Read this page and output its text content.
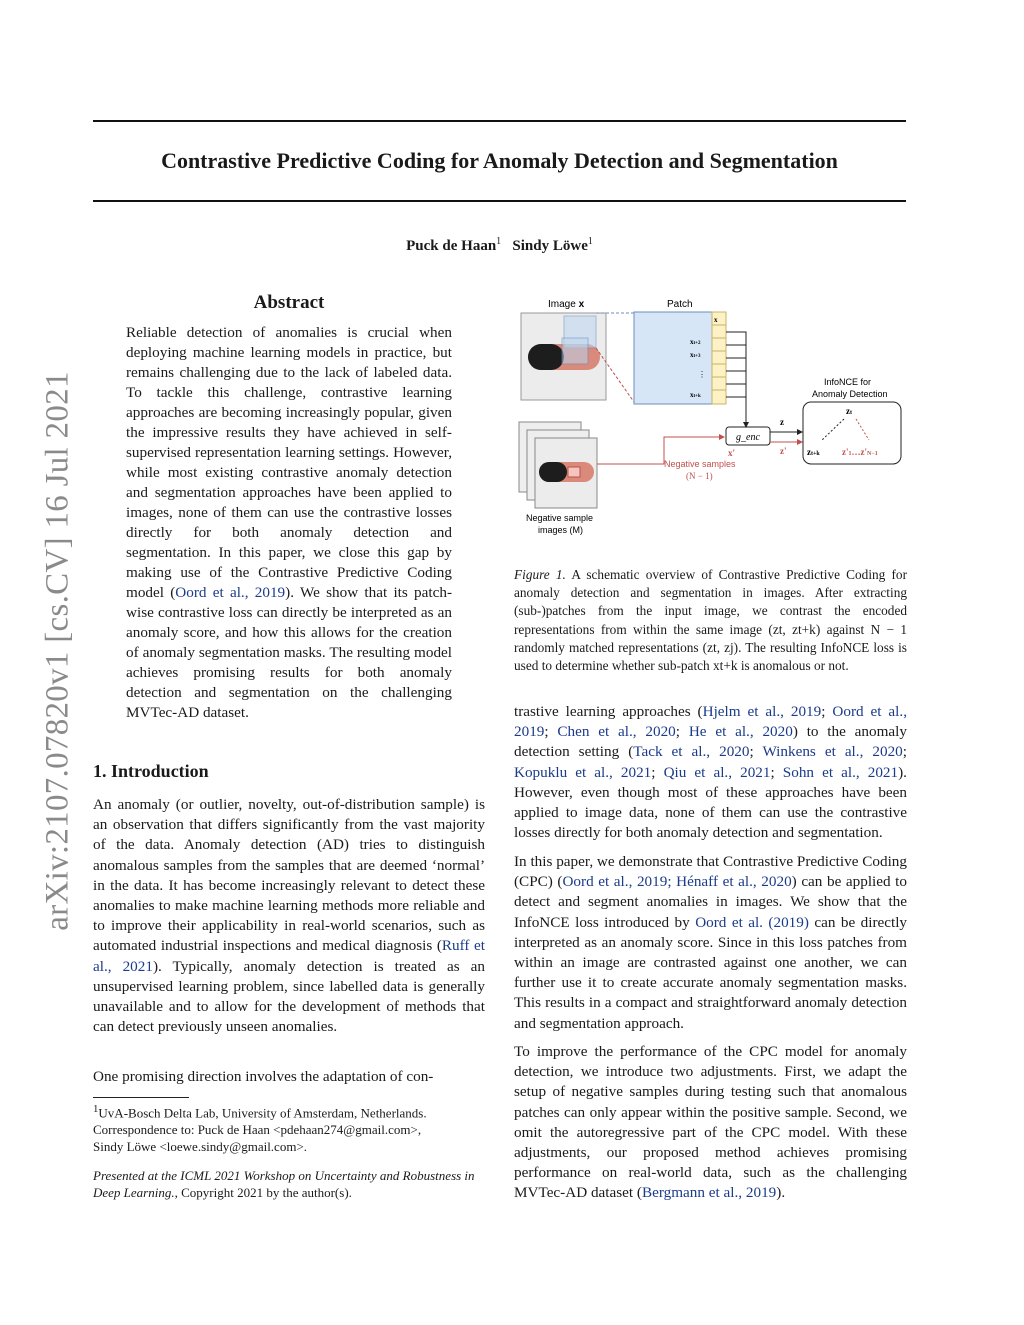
arXiv:2107.07820v1 [cs.CV] 16 Jul 2021
Contrastive Predictive Coding for Anomaly Detection and Segmentation
Puck de Haan$^1$ Sindy Löwe$^1$
Abstract

Reliable detection of anomalies is crucial when deploying machine learning models in practice, but remains challenging due to the lack of labeled data. To tackle this challenge, contrastive learning approaches are becoming increasingly popular, given the impressive results they have achieved in self-supervised representation learning settings. However, while most existing contrastive anomaly detection and segmentation approaches have been applied to images, none of them can use the contrastive losses directly for both anomaly detection and segmentation. In this paper, we close this gap by making use of the Contrastive Predictive Coding model (Oord et al., 2019). We show that its patch-wise contrastive loss can directly be interpreted as an anomaly score, and how this allows for the creation of anomaly segmentation masks. The resulting model achieves promising results for both anomaly detection and segmentation on the challenging MVTec-AD dataset.

1. Introduction

An anomaly (or outlier, novelty, out-of-distribution sample) is an observation that differs significantly from the vast majority of the data. Anomaly detection (AD) tries to distinguish anomalous samples from the samples that are deemed ‘normal’ in the data. It has become increasingly relevant to detect these anomalies to make machine learning methods more reliable and to improve their applicability in real-world scenarios, such as automated industrial inspections and medical diagnosis (Ruff et al., 2021). Typically, anomaly detection is treated as an unsupervised learning problem, since labelled data is generally unavailable and to allow for the development of methods that can detect previously unseen anomalies.

One promising direction involves the adaptation of con-

$^1$UvA-Bosch Delta Lab, University of Amsterdam, Netherlands.
Correspondence to: Puck de Haan <pdehaan274@gmail.com>,
Sindy Löwe <loewe.sindy@gmail.com>.

Presented at the ICML 2021 Workshop on Uncertainty and Robustness in Deep Learning., Copyright 2021 by the author(s).

Image x	Patch
x
xt+2
xt+3
⋮
xt+k
Negative sample
images (M)
Negative samples
(N − 1)
x'
g_enc
z
z'
InfoNCE for
Anomaly Detection
zt
zt+k z'1…z'N−1

Figure 1. A schematic overview of Contrastive Predictive Coding for anomaly detection and segmentation in images. After extracting (sub-)patches from the input image, we contrast the encoded representations from within the same image (zt, zt+k) against N − 1 randomly matched representations (zt, zj). The resulting InfoNCE loss is used to determine whether sub-patch xt+k is anomalous or not.

trastive learning approaches (Hjelm et al., 2019; Oord et al., 2019; Chen et al., 2020; He et al., 2020) to the anomaly detection setting (Tack et al., 2020; Winkens et al., 2020; Kopuklu et al., 2021; Qiu et al., 2021; Sohn et al., 2021). However, even though most of these approaches have been applied to image data, none of them can use the contrastive losses directly for both anomaly detection and segmentation.

In this paper, we demonstrate that Contrastive Predictive Coding (CPC) (Oord et al., 2019; Hénaff et al., 2020) can be applied to detect and segment anomalies in images. We show that the InfoNCE loss introduced by Oord et al. (2019) can be directly interpreted as an anomaly score. Since in this loss patches from within an image are contrasted against one another, we can further use it to create accurate anomaly segmentation masks. This results in a compact and straightforward anomaly detection and segmentation approach.

To improve the performance of the CPC model for anomaly detection, we introduce two adjustments. First, we adapt the setup of negative samples during testing such that anomalous patches can only appear within the positive sample. Second, we omit the autoregressive part of the CPC model. With these adjustments, our proposed method achieves promising performance on real-world data, such as the challenging MVTec-AD dataset (Bergmann et al., 2019).
